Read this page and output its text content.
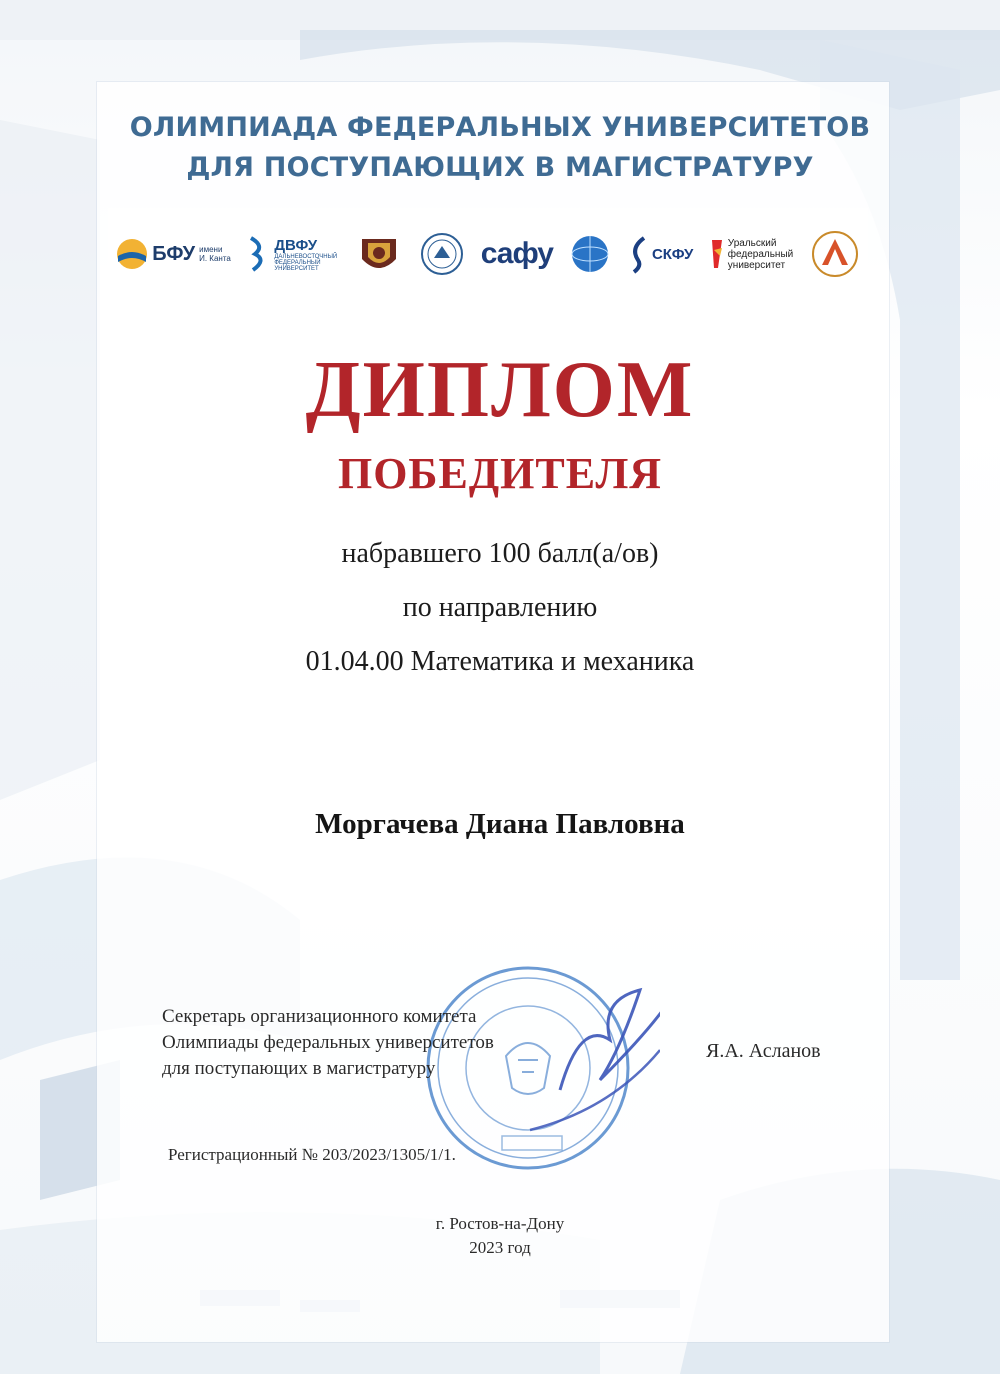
ОЛИМПИАДА ФЕДЕРАЛЬНЫХ УНИВЕРСИТЕТОВ
ДЛЯ ПОСТУПАЮЩИХ В МАГИСТРАТУРУ
БФУ имени
И. Канта
ДВФУ
ДАЛЬНЕВОСТОЧНЫЙ
ФЕДЕРАЛЬНЫЙ
УНИВЕРСИТЕТ	сафу	СКФУ
Уральский
федеральный
университет
ДИПЛОМ
ПОБЕДИТЕЛЯ
набравшего 100 балл(а/ов)
по направлению
01.04.00 Математика и механика
Моргачева Диана Павловна
Секретарь организационного комитета
Олимпиады федеральных университетов
для поступающих в магистратуру
Я.А. Асланов
Регистрационный № 203/2023/1305/1/1.
г. Ростов-на-Дону
2023 год
